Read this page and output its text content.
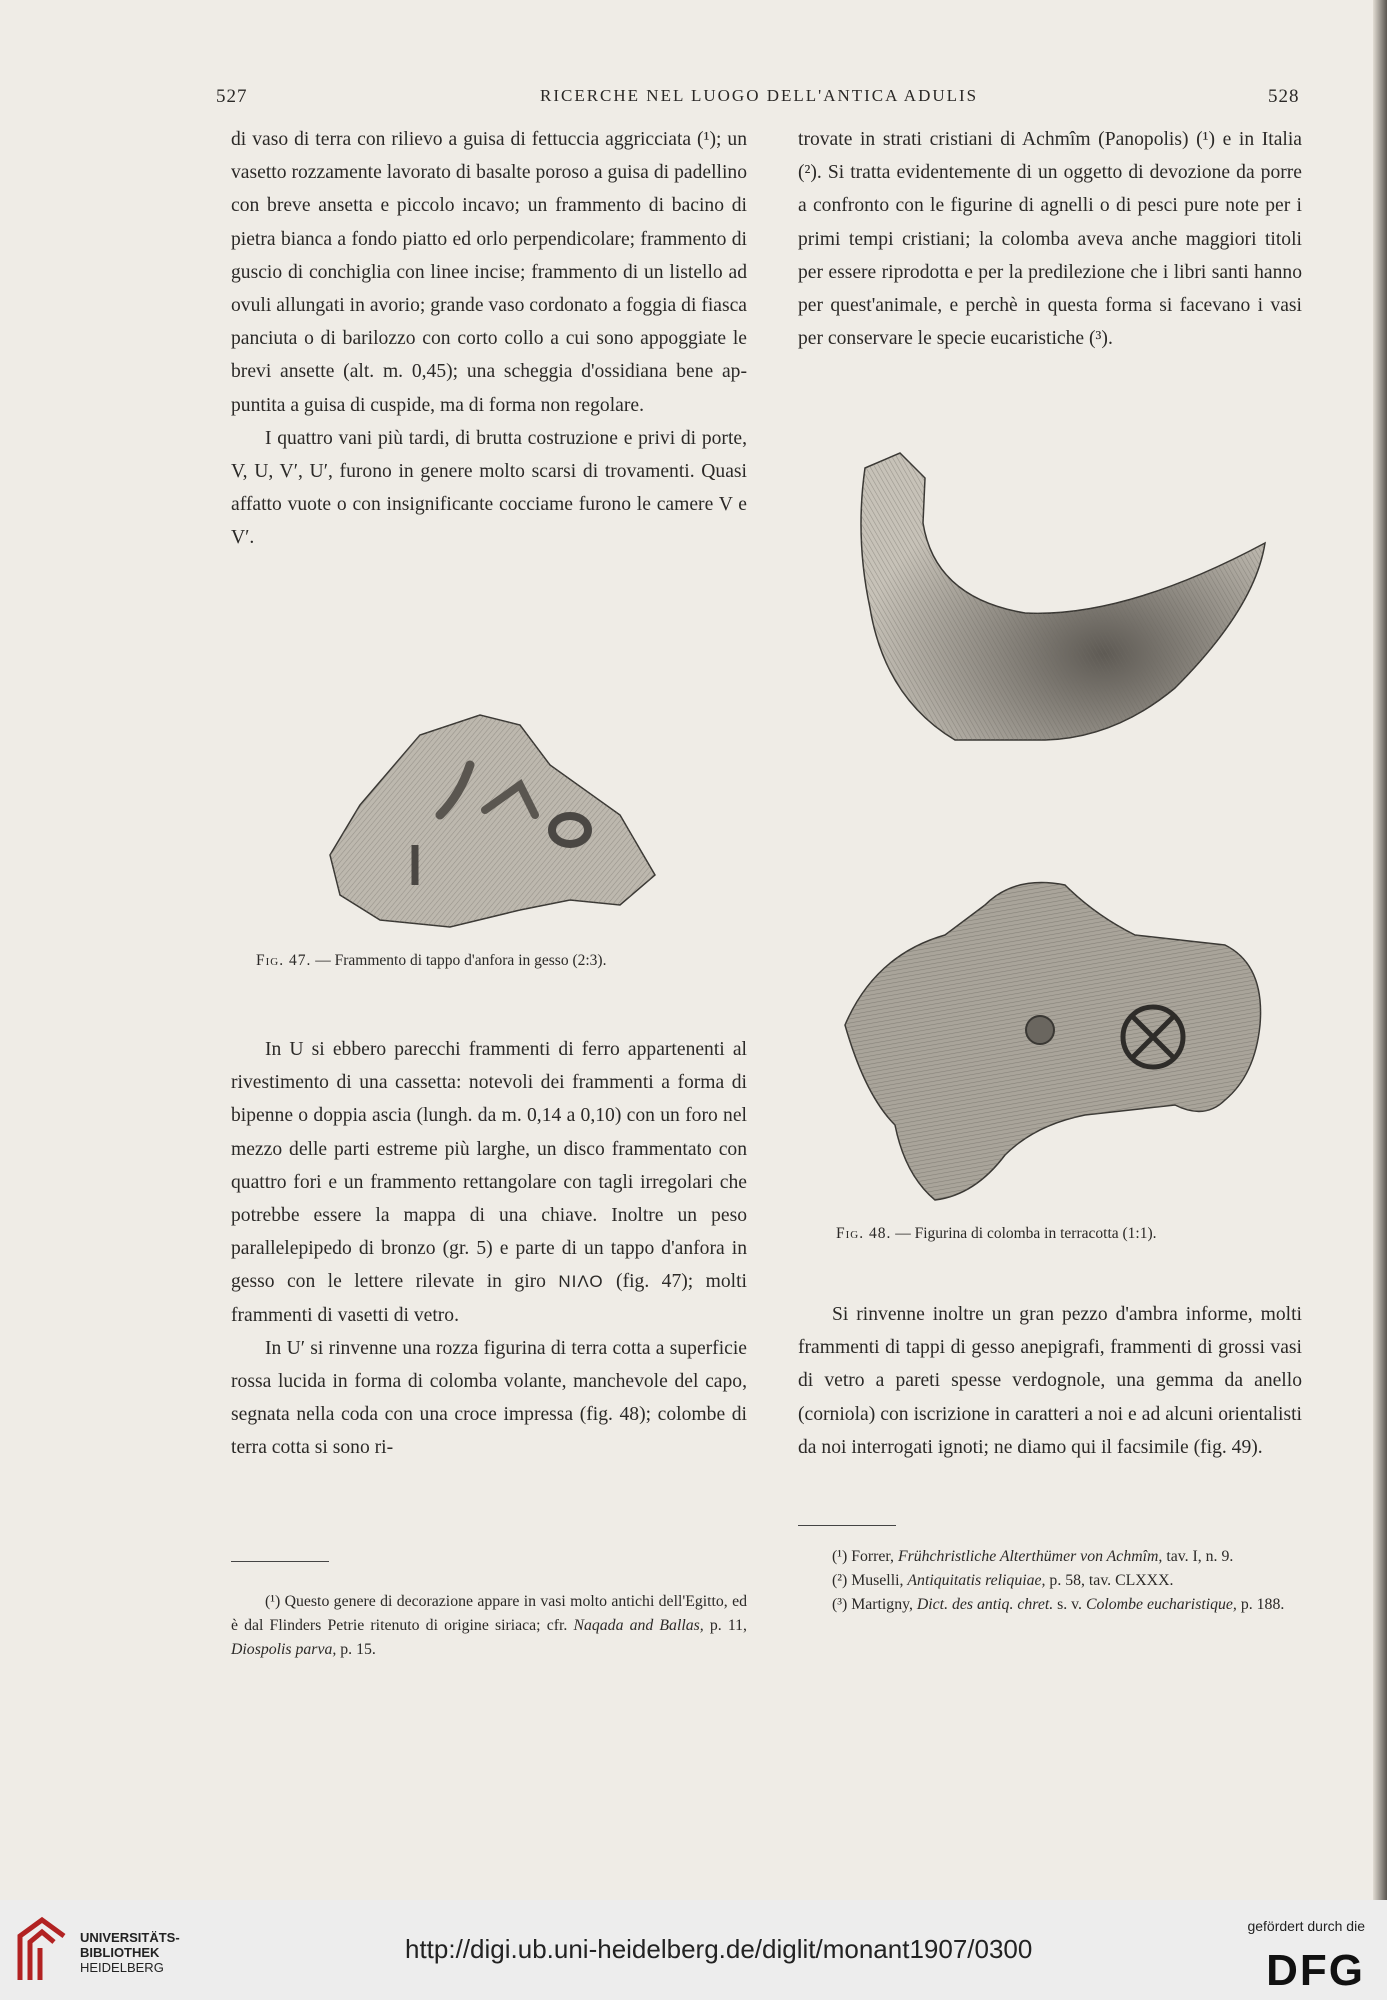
527	RICERCHE NEL LUOGO DELL'ANTICA ADULIS	528

di vaso di terra con rilievo a guisa di fettuccia aggricciata (¹); un vasetto rozzamente lavorato di basalte poroso a guisa di padellino con breve ansetta e piccolo incavo; un frammento di bacino di pietra bianca a fondo piatto ed orlo perpendicolare; frammento di guscio di conchiglia con linee incise; frammento di un listello ad ovuli allungati in avorio; grande vaso cordonato a foggia di fiasca panciuta o di barilozzo con corto collo a cui sono appoggiate le brevi ansette (alt. m. 0,45); una scheggia d'ossidiana bene appuntita a guisa di cuspide, ma di forma non regolare.

I quattro vani più tardi, di brutta costruzione e privi di porte, V, U, V′, U′, furono in genere molto scarsi di trovamenti. Quasi affatto vuote o con insignificante cocciame furono le camere V e V′.

Fig. 47. — Frammento di tappo d'anfora in gesso (2:3).

In U si ebbero parecchi frammenti di ferro appartenenti al rivestimento di una cassetta: notevoli dei frammenti a forma di bipenne o doppia ascia (lungh. da m. 0,14 a 0,10) con un foro nel mezzo delle parti estreme più larghe, un disco frammentato con quattro fori e un frammento rettangolare con tagli irregolari che potrebbe essere la mappa di una chiave. Inoltre un peso parallelepipedo di bronzo (gr. 5) e parte di un tappo d'anfora in gesso con le lettere rilevate in giro ΝΙΛΟ (fig. 47); molti frammenti di vasetti di vetro.

In U′ si rinvenne una rozza figurina di terra cotta a superficie rossa lucida in forma di colomba volante, manchevole del capo, segnata nella coda con una croce impressa (fig. 48); colombe di terra cotta si sono ri-

(¹) Questo genere di decorazione appare in vasi molto antichi dell'Egitto, ed è dal Flinders Petrie ritenuto di origine siriaca; cfr. Naqada and Ballas, p. 11, Diospolis parva, p. 15.

trovate in strati cristiani di Achmîm (Panopolis) (¹) e in Italia (²). Si tratta evidentemente di un oggetto di devozione da porre a confronto con le figurine di agnelli o di pesci pure note per i primi tempi cristiani; la colomba aveva anche maggiori titoli per essere riprodotta e per la predilezione che i libri santi hanno per quest'animale, e perchè in questa forma si facevano i vasi per conservare le specie eucaristiche (³).

Fig. 48. — Figurina di colomba in terracotta (1:1).

Si rinvenne inoltre un gran pezzo d'ambra informe, molti frammenti di tappi di gesso anepigrafi, frammenti di grossi vasi di vetro a pareti spesse verdognole, una gemma da anello (corniola) con iscrizione in caratteri a noi e ad alcuni orientalisti da noi interrogati ignoti; ne diamo qui il facsimile (fig. 49).

(¹) Forrer, Frühchristliche Alterthümer von Achmîm, tav. I, n. 9.

(²) Muselli, Antiquitatis reliquiae, p. 58, tav. CLXXX.

(³) Martigny, Dict. des antiq. chret. s. v. Colombe eucharistique, p. 188.

UNIVERSITÄTS-
BIBLIOTHEK
HEIDELBERG
http://digi.ub.uni-heidelberg.de/diglit/monant1907/0300
gefördert durch die
DFG
